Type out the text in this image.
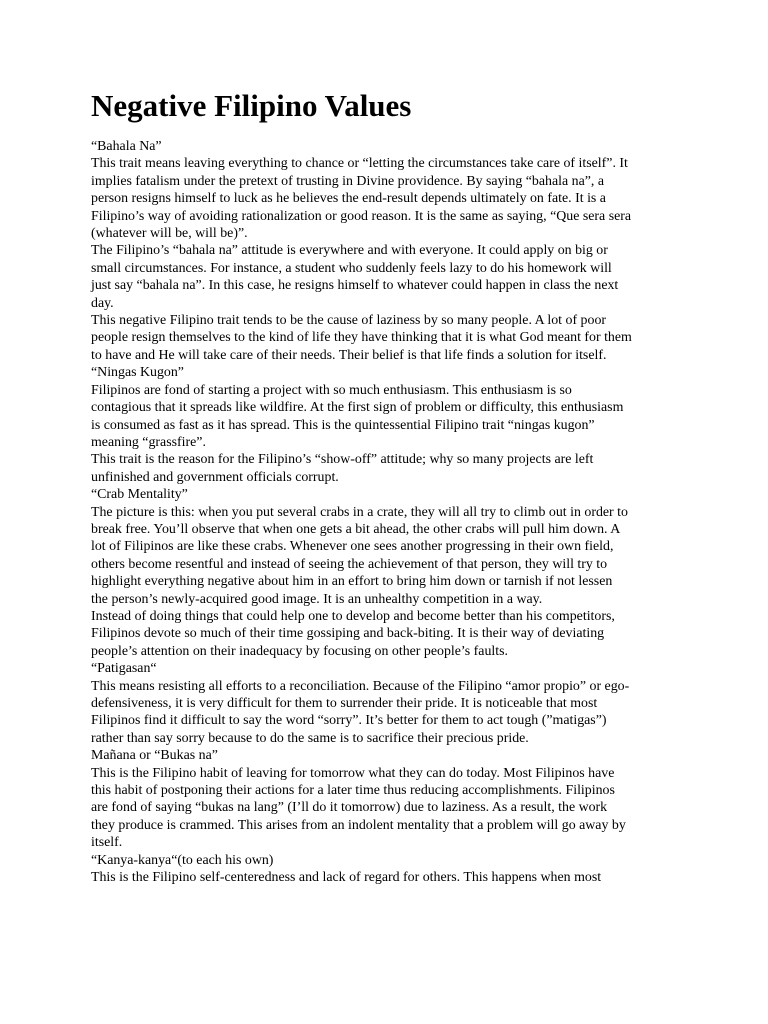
Negative Filipino Values
“Bahala Na”
This trait means leaving everything to chance or “letting the circumstances take care of itself”. It
implies fatalism under the pretext of trusting in Divine providence. By saying “bahala na”, a
person resigns himself to luck as he believes the end-result depends ultimately on fate. It is a
Filipino’s way of avoiding rationalization or good reason. It is the same as saying, “Que sera sera
(whatever will be, will be)”.
The Filipino’s “bahala na” attitude is everywhere and with everyone. It could apply on big or
small circumstances. For instance, a student who suddenly feels lazy to do his homework will
just say “bahala na”. In this case, he resigns himself to whatever could happen in class the next
day.
This negative Filipino trait tends to be the cause of laziness by so many people. A lot of poor
people resign themselves to the kind of life they have thinking that it is what God meant for them
to have and He will take care of their needs. Their belief is that life finds a solution for itself.
“Ningas Kugon”
Filipinos are fond of starting a project with so much enthusiasm. This enthusiasm is so
contagious that it spreads like wildfire. At the first sign of problem or difficulty, this enthusiasm
is consumed as fast as it has spread. This is the quintessential Filipino trait “ningas kugon”
meaning “grassfire”.
This trait is the reason for the Filipino’s “show-off” attitude; why so many projects are left
unfinished and government officials corrupt.
“Crab Mentality”
The picture is this: when you put several crabs in a crate, they will all try to climb out in order to
break free. You’ll observe that when one gets a bit ahead, the other crabs will pull him down. A
lot of Filipinos are like these crabs. Whenever one sees another progressing in their own field,
others become resentful and instead of seeing the achievement of that person, they will try to
highlight everything negative about him in an effort to bring him down or tarnish if not lessen
the person’s newly-acquired good image. It is an unhealthy competition in a way.
Instead of doing things that could help one to develop and become better than his competitors,
Filipinos devote so much of their time gossiping and back-biting. It is their way of deviating
people’s attention on their inadequacy by focusing on other people’s faults.
“Patigasan“
This means resisting all efforts to a reconciliation. Because of the Filipino “amor propio” or ego-
defensiveness, it is very difficult for them to surrender their pride. It is noticeable that most
Filipinos find it difficult to say the word “sorry”. It’s better for them to act tough (”matigas”)
rather than say sorry because to do the same is to sacrifice their precious pride.
Mañana or “Bukas na”
This is the Filipino habit of leaving for tomorrow what they can do today. Most Filipinos have
this habit of postponing their actions for a later time thus reducing accomplishments. Filipinos
are fond of saying “bukas na lang” (I’ll do it tomorrow) due to laziness. As a result, the work
they produce is crammed. This arises from an indolent mentality that a problem will go away by
itself.
“Kanya-kanya“(to each his own)
This is the Filipino self-centeredness and lack of regard for others. This happens when most
